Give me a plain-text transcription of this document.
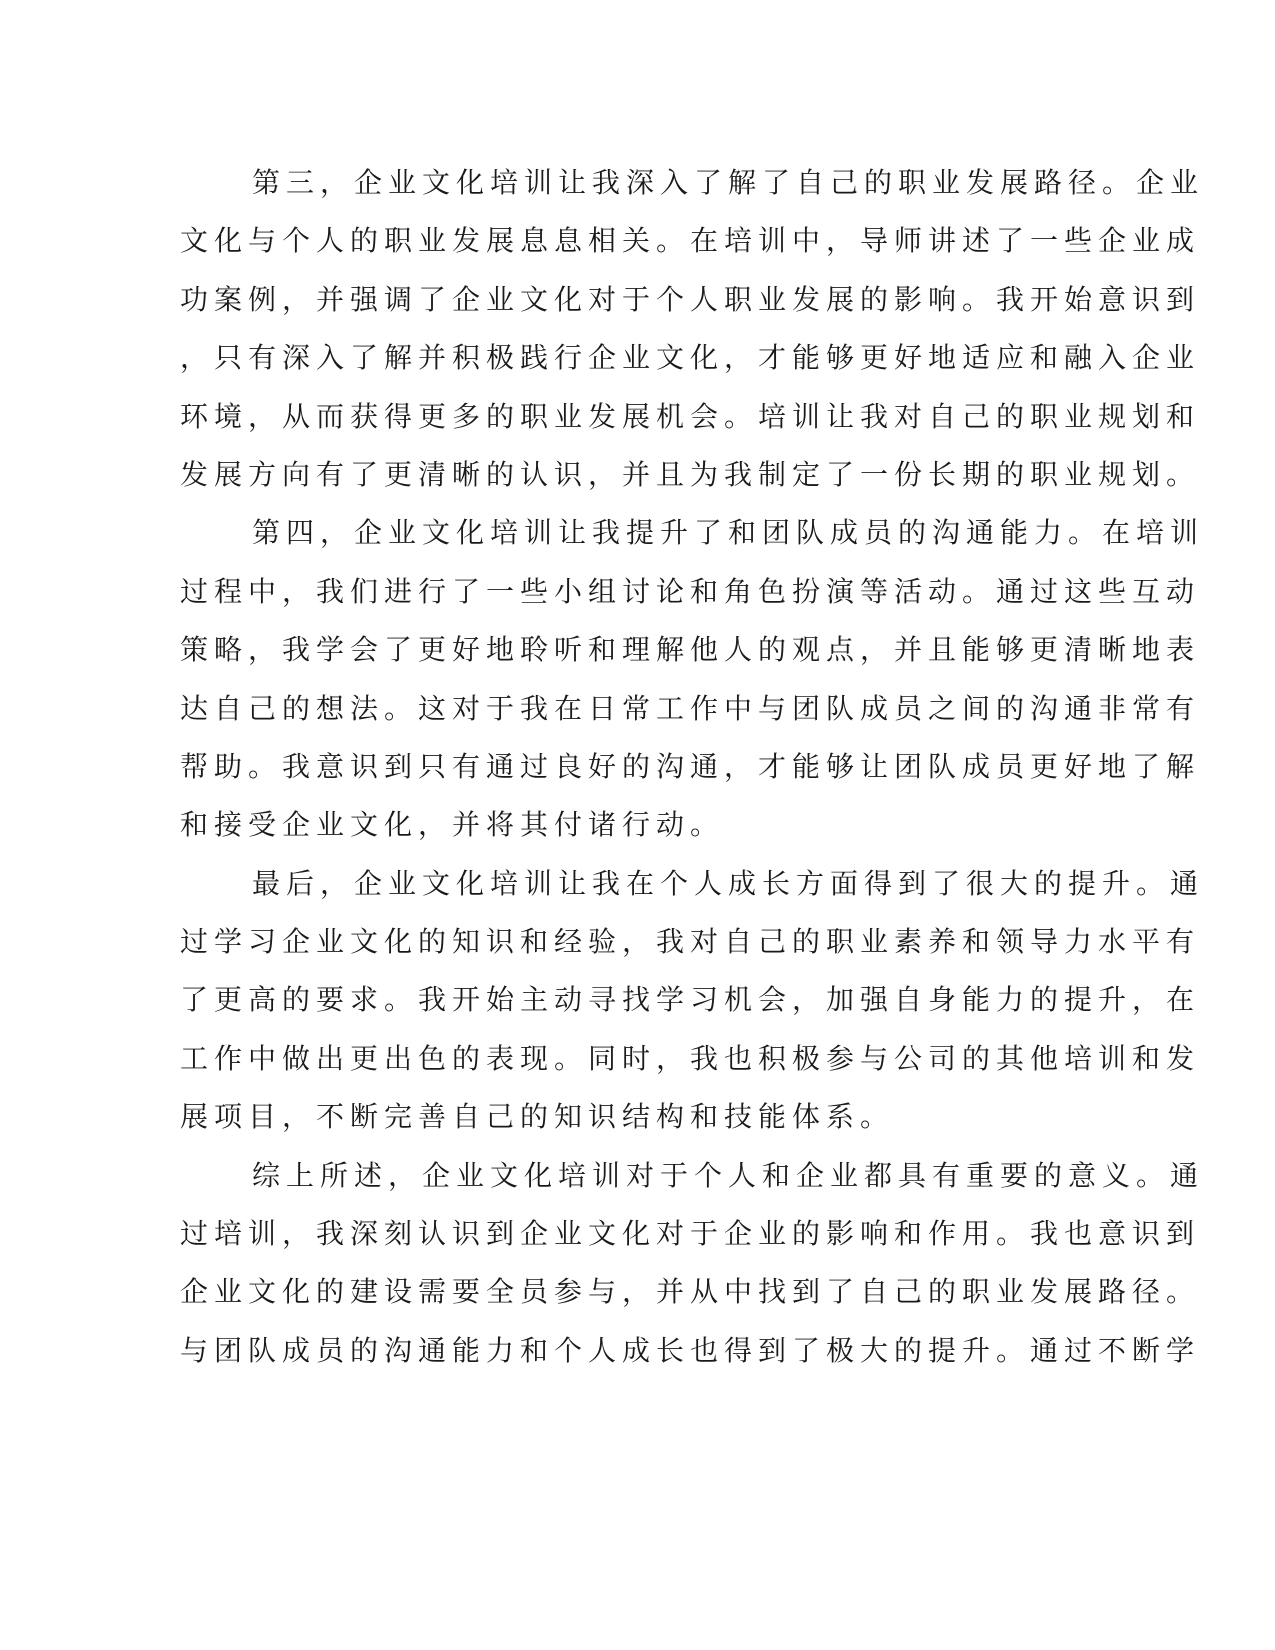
第三，企业文化培训让我深入了解了自己的职业发展路径。企业
文化与个人的职业发展息息相关。在培训中，导师讲述了一些企业成
功案例，并强调了企业文化对于个人职业发展的影响。我开始意识到
，只有深入了解并积极践行企业文化，才能够更好地适应和融入企业
环境，从而获得更多的职业发展机会。培训让我对自己的职业规划和
发展方向有了更清晰的认识，并且为我制定了一份长期的职业规划。
第四，企业文化培训让我提升了和团队成员的沟通能力。在培训
过程中，我们进行了一些小组讨论和角色扮演等活动。通过这些互动
策略，我学会了更好地聆听和理解他人的观点，并且能够更清晰地表
达自己的想法。这对于我在日常工作中与团队成员之间的沟通非常有
帮助。我意识到只有通过良好的沟通，才能够让团队成员更好地了解
和接受企业文化，并将其付诸行动。
最后，企业文化培训让我在个人成长方面得到了很大的提升。通
过学习企业文化的知识和经验，我对自己的职业素养和领导力水平有
了更高的要求。我开始主动寻找学习机会，加强自身能力的提升，在
工作中做出更出色的表现。同时，我也积极参与公司的其他培训和发
展项目，不断完善自己的知识结构和技能体系。
综上所述，企业文化培训对于个人和企业都具有重要的意义。通
过培训，我深刻认识到企业文化对于企业的影响和作用。我也意识到
企业文化的建设需要全员参与，并从中找到了自己的职业发展路径。
与团队成员的沟通能力和个人成长也得到了极大的提升。通过不断学
